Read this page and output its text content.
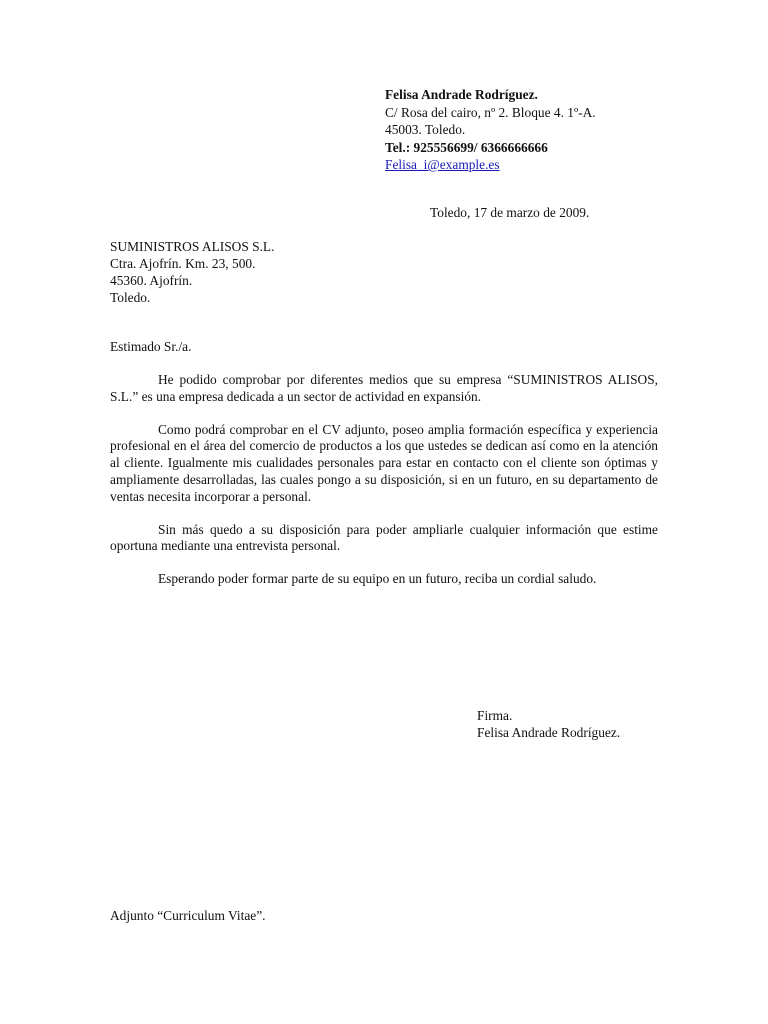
Felisa Andrade Rodríguez.
C/ Rosa del cairo, nº 2. Bloque 4. 1º-A.
45003. Toledo.
Tel.: 925556699/ 6366666666
Felisa_i@example.es
Toledo, 17 de marzo de 2009.
SUMINISTROS ALISOS S.L.
Ctra. Ajofrín. Km. 23, 500.
45360. Ajofrín.
Toledo.
Estimado Sr./a.

He podido comprobar por diferentes medios que su empresa “SUMINISTROS ALISOS, S.L.” es una empresa dedicada a un sector de actividad en expansión.

Como podrá comprobar en el CV adjunto, poseo amplia formación específica y experiencia profesional en el área del comercio de productos a los que ustedes se dedican así como en la atención al cliente. Igualmente mis cualidades personales para estar en contacto con el cliente son óptimas y ampliamente desarrolladas, las cuales pongo a su disposición, si en un futuro, en su departamento de ventas necesita incorporar a personal.

Sin más quedo a su disposición para poder ampliarle cualquier información que estime oportuna mediante una entrevista personal.

Esperando poder formar parte de su equipo en un futuro, reciba un cordial saludo.

Firma.
Felisa Andrade Rodríguez.
Adjunto “Curriculum Vitae”.
